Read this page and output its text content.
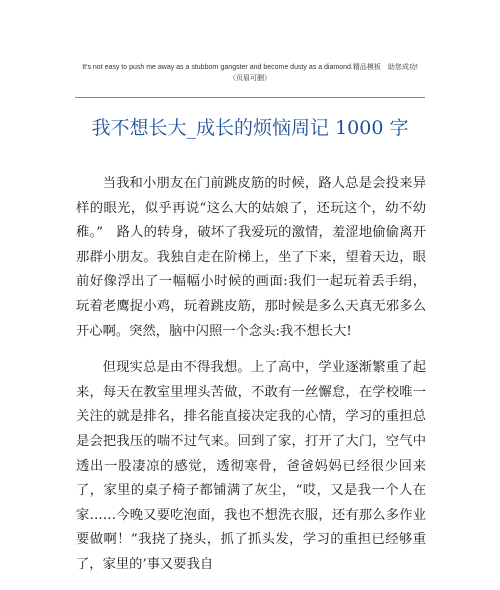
It's not easy to push me away as a stubborn gangster and become dusty as a diamond.精品模板　助您成功!
（页眉可删）
我不想长大_成长的烦恼周记 1000 字

当我和小朋友在门前跳皮筋的时候，路人总是会投来异样的眼光，似乎再说“这么大的姑娘了，还玩这个，幼不幼稚。”　路人的转身，破坏了我爱玩的激情，羞涩地偷偷离开那群小朋友。我独自走在阶梯上，坐了下来，望着天边，眼前好像浮出了一幅幅小时候的画面:我们一起玩着丢手绢，玩着老鹰捉小鸡，玩着跳皮筋，那时候是多么天真无邪多么开心啊。突然，脑中闪照一个念头:我不想长大!

但现实总是由不得我想。上了高中，学业逐渐繁重了起来，每天在教室里埋头苦做，不敢有一丝懈怠，在学校唯一关注的就是排名，排名能直接决定我的心情，学习的重担总是会把我压的喘不过气来。回到了家，打开了大门，空气中透出一股凄凉的感觉，透彻寒骨，爸爸妈妈已经很少回来了，家里的桌子椅子都铺满了灰尘，“哎，又是我一个人在家……今晚又要吃泡面，我也不想洗衣服，还有那么多作业要做啊！”我挠了挠头，抓了抓头发，学习的重担已经够重了，家里的’事又要我自
